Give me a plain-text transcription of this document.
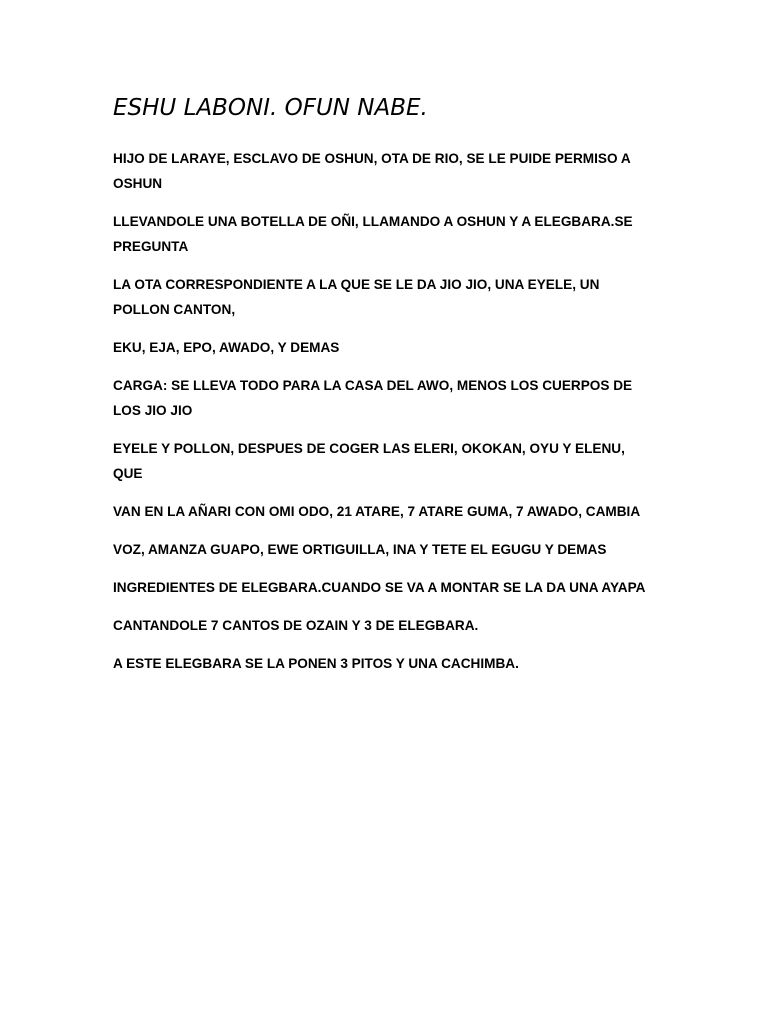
ESHU LABONI. OFUN NABE.

HIJO DE LARAYE, ESCLAVO DE OSHUN, OTA DE RIO, SE LE PUIDE PERMISO A OSHUN

LLEVANDOLE UNA BOTELLA DE OÑI, LLAMANDO A OSHUN Y A ELEGBARA.SE PREGUNTA

LA OTA CORRESPONDIENTE A LA QUE SE LE DA JIO JIO, UNA EYELE, UN POLLON CANTON,

EKU, EJA, EPO, AWADO, Y DEMAS

CARGA: SE LLEVA TODO PARA LA CASA DEL AWO, MENOS LOS CUERPOS DE LOS JIO JIO

EYELE Y POLLON, DESPUES DE COGER LAS ELERI, OKOKAN, OYU Y ELENU, QUE

VAN EN LA AÑARI CON OMI ODO, 21 ATARE, 7 ATARE GUMA, 7 AWADO, CAMBIA

VOZ, AMANZA GUAPO, EWE ORTIGUILLA, INA Y TETE EL EGUGU Y DEMAS

INGREDIENTES DE ELEGBARA.CUANDO SE VA A MONTAR SE LA DA UNA AYAPA

CANTANDOLE 7 CANTOS DE OZAIN Y 3 DE ELEGBARA.

A ESTE ELEGBARA SE LA PONEN 3 PITOS Y UNA CACHIMBA.
